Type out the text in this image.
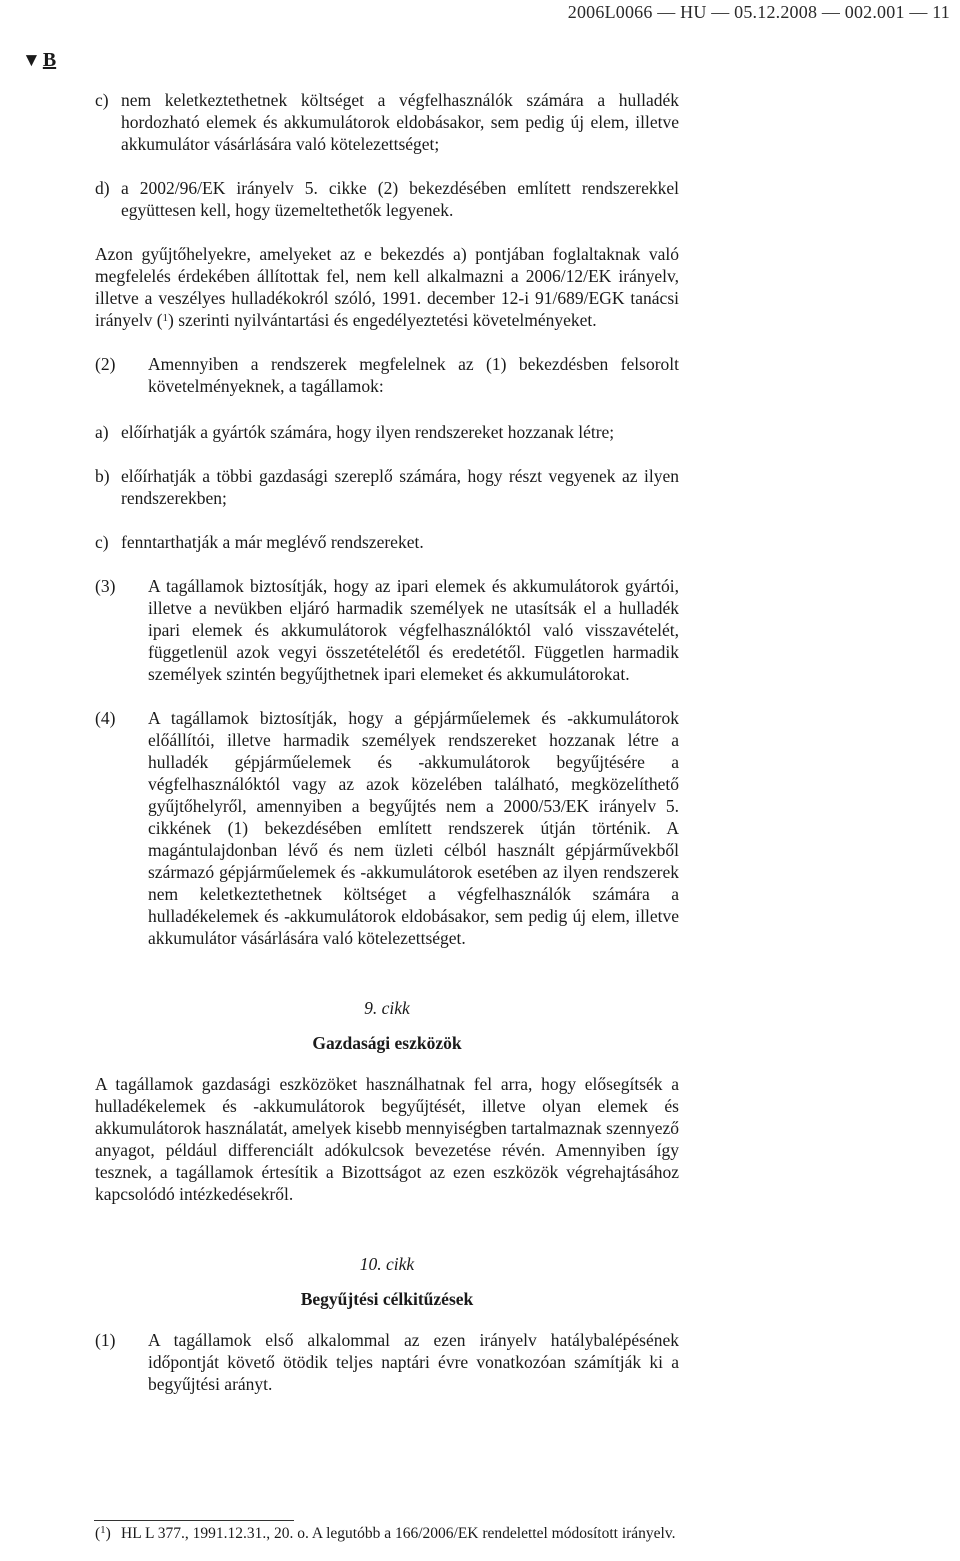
2006L0066 — HU — 05.12.2008 — 002.001 — 11
▼ B
c) nem keletkeztethetnek költséget a végfelhasználók számára a hulladék hordozható elemek és akkumulátorok eldobásakor, sem pedig új elem, illetve akkumulátor vásárlására való kötelezettséget;
d) a 2002/96/EK irányelv 5. cikke (2) bekezdésében említett rendszerekkel együttesen kell, hogy üzemeltethetők legyenek.

Azon gyűjtőhelyekre, amelyeket az e bekezdés a) pontjában foglaltaknak való megfelelés érdekében állítottak fel, nem kell alkalmazni a 2006/12/EK irányelv, illetve a veszélyes hulladékokról szóló, 1991. december 12-i 91/689/EGK tanácsi irányelv ($^1$) szerinti nyilvántartási és engedélyeztetési követelményeket.

(2)	Amennyiben a rendszerek megfelelnek az (1) bekezdésben felsorolt követelményeknek, a tagállamok:

a) előírhatják a gyártók számára, hogy ilyen rendszereket hozzanak létre;
b) előírhatják a többi gazdasági szereplő számára, hogy részt vegyenek az ilyen rendszerekben;
c) fenntarthatják a már meglévő rendszereket.
(3)	A tagállamok biztosítják, hogy az ipari elemek és akkumulátorok gyártói, illetve a nevükben eljáró harmadik személyek ne utasítsák el a hulladék ipari elemek és akkumulátorok végfelhasználóktól való visszavételét, függetlenül azok vegyi összetételétől és eredetétől. Független harmadik személyek szintén begyűjthetnek ipari elemeket és akkumulátorokat.

(4)	A tagállamok biztosítják, hogy a gépjárműelemek és -akkumulátorok előállítói, illetve harmadik személyek rendszereket hozzanak létre a hulladék gépjárműelemek és -akkumulátorok begyűjtésére a végfelhasználóktól vagy az azok közelében található, megközelíthető gyűjtőhelyről, amennyiben a begyűjtés nem a 2000/53/EK irányelv 5. cikkének (1) bekezdésében említett rendszerek útján történik. A magántulajdonban lévő és nem üzleti célból használt gépjárművekből származó gépjárműelemek és -akkumulátorok esetében az ilyen rendszerek nem keletkeztethetnek költséget a végfelhasználók számára a hulladékelemek és -akkumulátorok eldobásakor, sem pedig új elem, illetve akkumulátor vásárlására való kötelezettséget.

9. cikk

Gazdasági eszközök

A tagállamok gazdasági eszközöket használhatnak fel arra, hogy elősegítsék a hulladékelemek és -akkumulátorok begyűjtését, illetve olyan elemek és akkumulátorok használatát, amelyek kisebb mennyiségben tartalmaznak szennyező anyagot, például differenciált adókulcsok bevezetése révén. Amennyiben így tesznek, a tagállamok értesítik a Bizottságot az ezen eszközök végrehajtásához kapcsolódó intézkedésekről.

10. cikk

Begyűjtési célkitűzések

(1)	A tagállamok első alkalommal az ezen irányelv hatálybalépésének időpontját követő ötödik teljes naptári évre vonatkozóan számítják ki a begyűjtési arányt.

($^1$) HL L 377., 1991.12.31., 20. o. A legutóbb a 166/2006/EK rendelettel módosított irányelv.
